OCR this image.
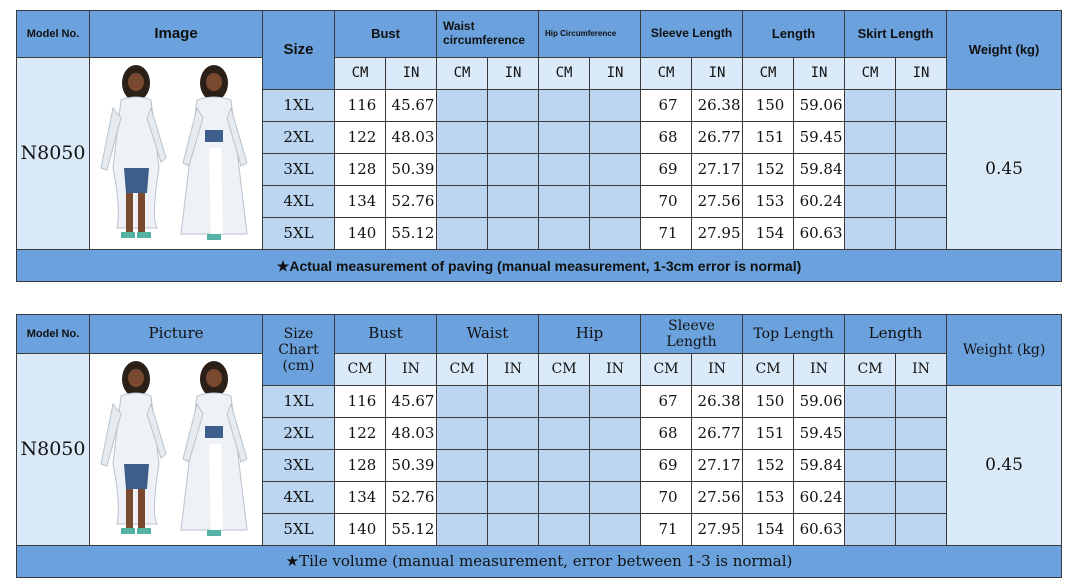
Model No.	Image	Size	Bust		Waist circumference		Hip Circumference		Sleeve Length		Length		Skirt Length		Weight (kg)
N8050			CM	IN	CM	IN	CM	IN	CM	IN	CM	IN	CM	IN	
		1XL	116	45.67					67	26.38	150	59.06			0.45
		2XL	122	48.03					68	26.77	151	59.45			
		3XL	128	50.39					69	27.17	152	59.84			
		4XL	134	52.76					70	27.56	153	60.24			
		5XL	140	55.12					71	27.95	154	60.63			
★Actual measurement of paving (manual measurement, 1-3cm error is normal)															
Model No.	Picture	Size Chart (cm)	Bust		Waist		Hip		Sleeve Length		Top Length		Length		Weight (kg)
N8050			CM	IN	CM	IN	CM	IN	CM	IN	CM	IN	CM	IN	
		1XL	116	45.67					67	26.38	150	59.06			0.45
		2XL	122	48.03					68	26.77	151	59.45			
		3XL	128	50.39					69	27.17	152	59.84			
		4XL	134	52.76					70	27.56	153	60.24			
		5XL	140	55.12					71	27.95	154	60.63			
★Tile volume (manual measurement, error between 1-3 is normal)															
